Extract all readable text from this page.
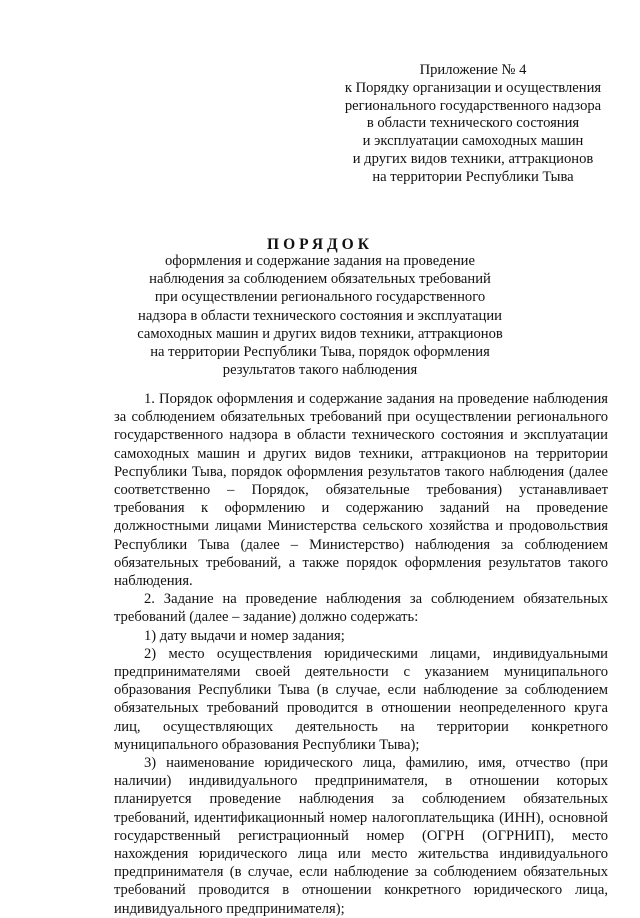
Приложение № 4
к Порядку организации и осуществления
регионального государственного надзора
в области технического состояния
и эксплуатации самоходных машин
и других видов техники, аттракционов
на территории Республики Тыва
ПОРЯДОК
оформления и содержание задания на проведение
наблюдения за соблюдением обязательных требований
при осуществлении регионального государственного
надзора в области технического состояния и эксплуатации
самоходных машин и других видов техники, аттракционов
на территории Республики Тыва, порядок оформления
результатов такого наблюдения

1. Порядок оформления и содержание задания на проведение наблюдения за соблюдением обязательных требований при осуществлении регионального государственного надзора в области технического состояния и эксплуатации самоходных машин и других видов техники, аттракционов на территории Республики Тыва, порядок оформления результатов такого наблюдения (далее соответственно – Порядок, обязательные требования) устанавливает требования к оформлению и содержанию заданий на проведение должностными лицами Министерства сельского хозяйства и продовольствия Республики Тыва (далее – Министерство) наблюдения за соблюдением обязательных требований, а также порядок оформления результатов такого наблюдения.

2. Задание на проведение наблюдения за соблюдением обязательных требований (далее – задание) должно содержать:

1) дату выдачи и номер задания;

2) место осуществления юридическими лицами, индивидуальными предпринимателями своей деятельности с указанием муниципального образования Республики Тыва (в случае, если наблюдение за соблюдением обязательных требований проводится в отношении неопределенного круга лиц, осуществляющих деятельность на территории конкретного муниципального образования Республики Тыва);

3) наименование юридического лица, фамилию, имя, отчество (при наличии) индивидуального предпринимателя, в отношении которых планируется проведение наблюдения за соблюдением обязательных требований, идентификационный номер налогоплательщика (ИНН), основной государственный регистрационный номер (ОГРН (ОГРНИП), место нахождения юридического лица или место жительства индивидуального предпринимателя (в случае, если наблюдение за соблюдением обязательных требований проводится в отношении конкретного юридического лица, индивидуального предпринимателя);
